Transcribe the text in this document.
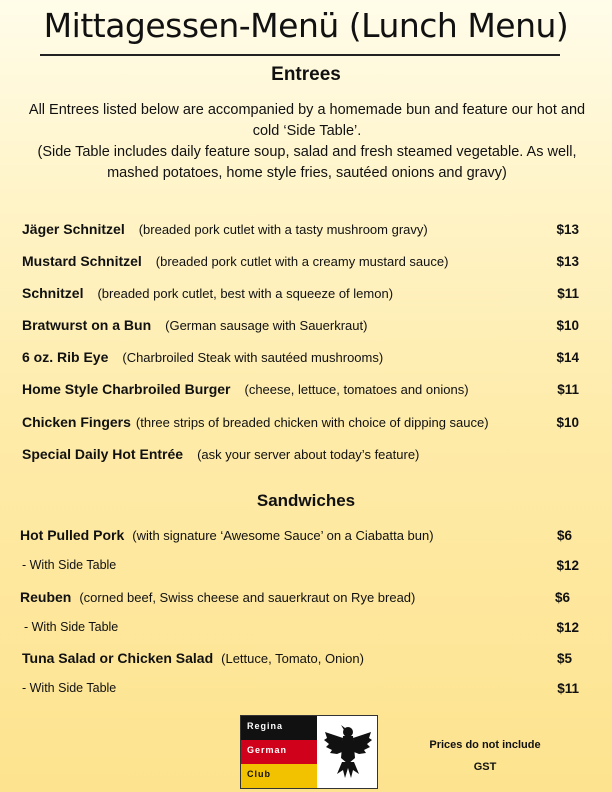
Mittagessen-Menü (Lunch Menu)
Entrees
All Entrees listed below are accompanied by a homemade bun and feature our hot and cold ‘Side Table’.
(Side Table includes daily feature soup, salad and fresh steamed vegetable. As well, mashed potatoes, home style fries, sautéed onions and gravy)
Jäger Schnitzel (breaded pork cutlet with a tasty mushroom gravy)	$13
Mustard Schnitzel (breaded pork cutlet with a creamy mustard sauce)	$13
Schnitzel (breaded pork cutlet, best with a squeeze of lemon)	$11
Bratwurst on a Bun (German sausage with Sauerkraut)	$10
6 oz. Rib Eye (Charbroiled Steak with sautéed mushrooms)	$14
Home Style Charbroiled Burger (cheese, lettuce, tomatoes and onions)	$11
Chicken Fingers (three strips of breaded chicken with choice of dipping sauce)	$10
Special Daily Hot Entrée (ask your server about today’s feature)
Sandwiches
Hot Pulled Pork (with signature ‘Awesome Sauce’ on a Ciabatta bun)	$6
- With Side Table	$12
Reuben (corned beef, Swiss cheese and sauerkraut on Rye bread)	$6
- With Side Table	$12
Tuna Salad or Chicken Salad (Lettuce, Tomato, Onion)	$5
- With Side Table	$11
Regina
German
Club
Prices do not include
GST
